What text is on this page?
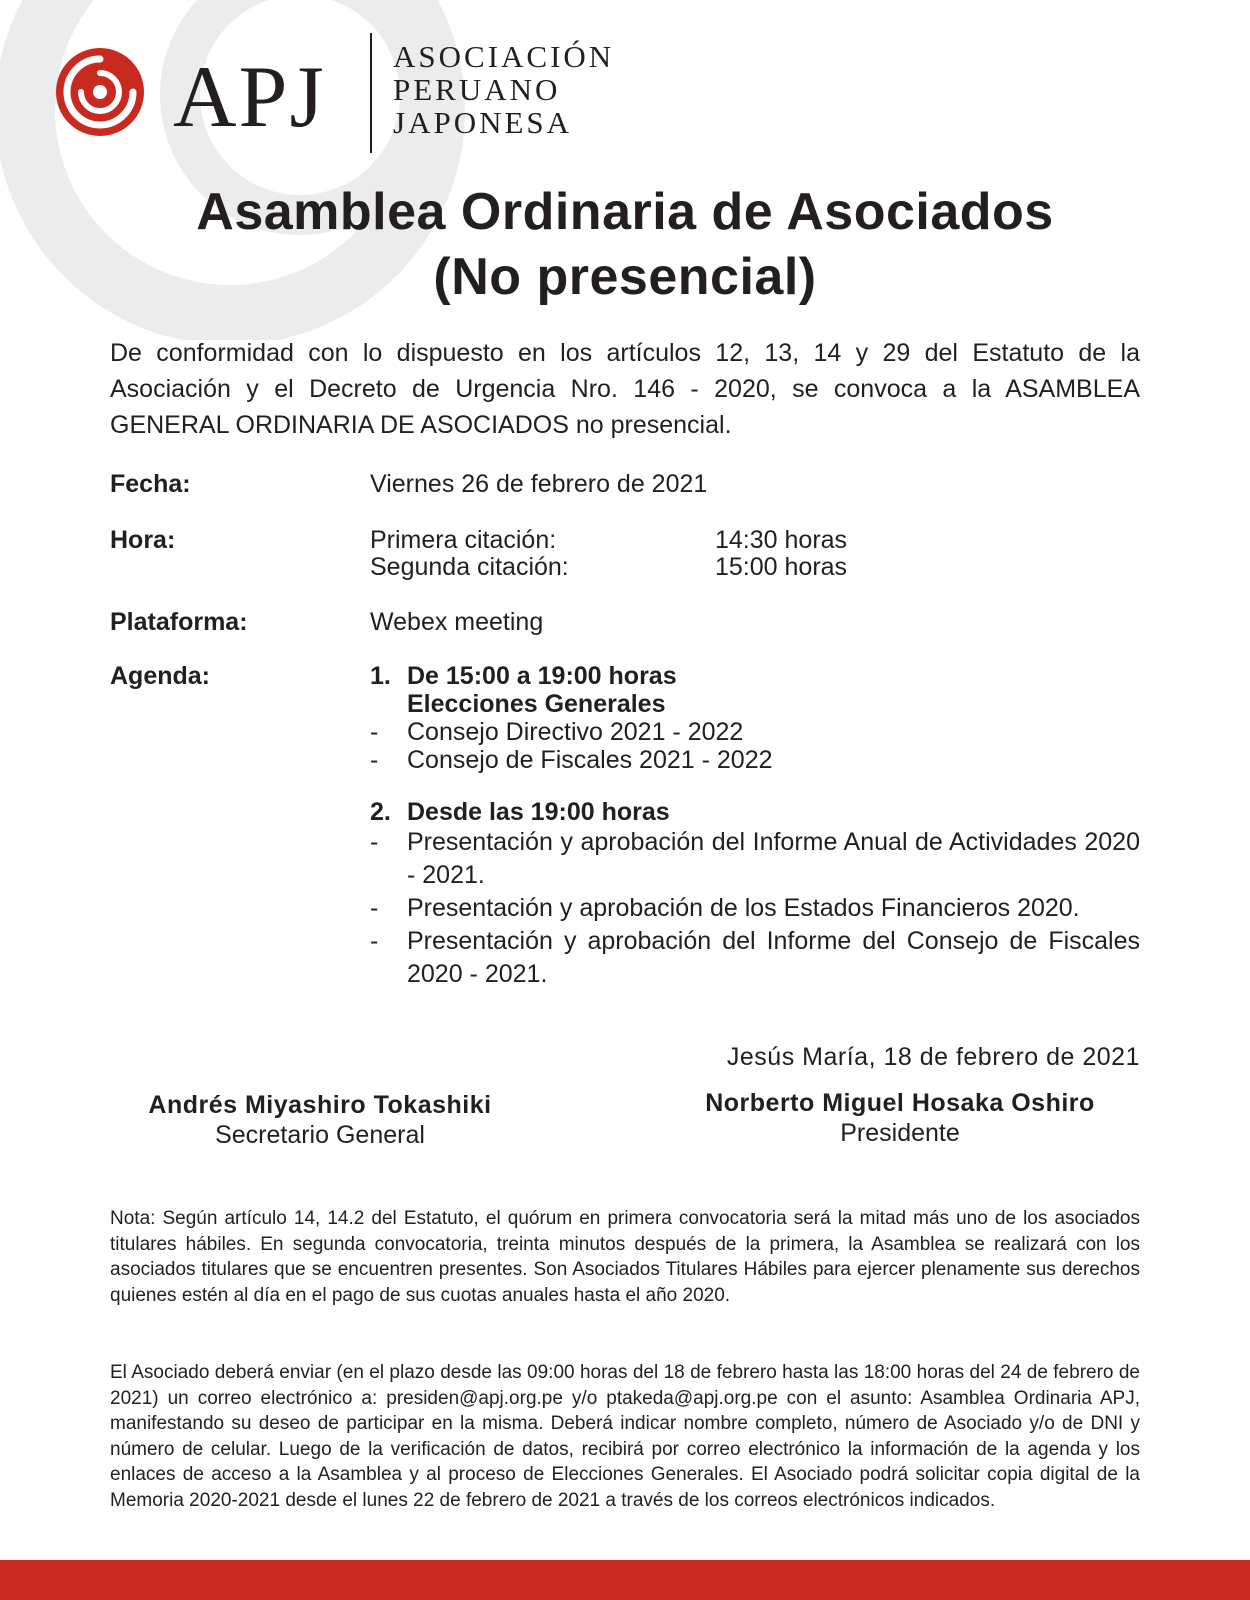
APJ ASOCIACIÓN
PERUANO
JAPONESA
Asamblea Ordinaria de Asociados
(No presencial)
De conformidad con lo dispuesto en los artículos 12, 13, 14 y 29 del Estatuto de la Asociación y el Decreto de Urgencia Nro. 146 - 2020, se convoca a la ASAMBLEA GENERAL ORDINARIA DE ASOCIADOS no presencial.
Fecha:	Viernes 26 de febrero de 2021
Hora:	Primera citación:	14:30 horas
Segunda citación:	15:00 horas
Plataforma:	Webex meeting
Agenda:	1. De 15:00 a 19:00 horas
Elecciones Generales
- Consejo Directivo 2021 - 2022
- Consejo de Fiscales 2021 - 2022
2. Desde las 19:00 horas
- Presentación y aprobación del Informe Anual de Actividades 2020 - 2021.
- Presentación y aprobación de los Estados Financieros 2020.
- Presentación y aprobación del Informe del Consejo de Fiscales 2020 - 2021.
Jesús María, 18 de febrero de 2021
Andrés Miyashiro Tokashiki
Secretario General
Norberto Miguel Hosaka Oshiro
Presidente
Nota: Según artículo 14, 14.2 del Estatuto, el quórum en primera convocatoria será la mitad más uno de los asociados titulares hábiles. En segunda convocatoria, treinta minutos después de la primera, la Asamblea se realizará con los asociados titulares que se encuentren presentes. Son Asociados Titulares Hábiles para ejercer plenamente sus derechos quienes estén al día en el pago de sus cuotas anuales hasta el año 2020.
El Asociado deberá enviar (en el plazo desde las 09:00 horas del 18 de febrero hasta las 18:00 horas del 24 de febrero de 2021) un correo electrónico a: presiden@apj.org.pe y/o ptakeda@apj.org.pe con el asunto: Asamblea Ordinaria APJ, manifestando su deseo de participar en la misma. Deberá indicar nombre completo, número de Asociado y/o de DNI y número de celular. Luego de la verificación de datos, recibirá por correo electrónico la información de la agenda y los enlaces de acceso a la Asamblea y al proceso de Elecciones Generales. El Asociado podrá solicitar copia digital de la Memoria 2020-2021 desde el lunes 22 de febrero de 2021 a través de los correos electrónicos indicados.
